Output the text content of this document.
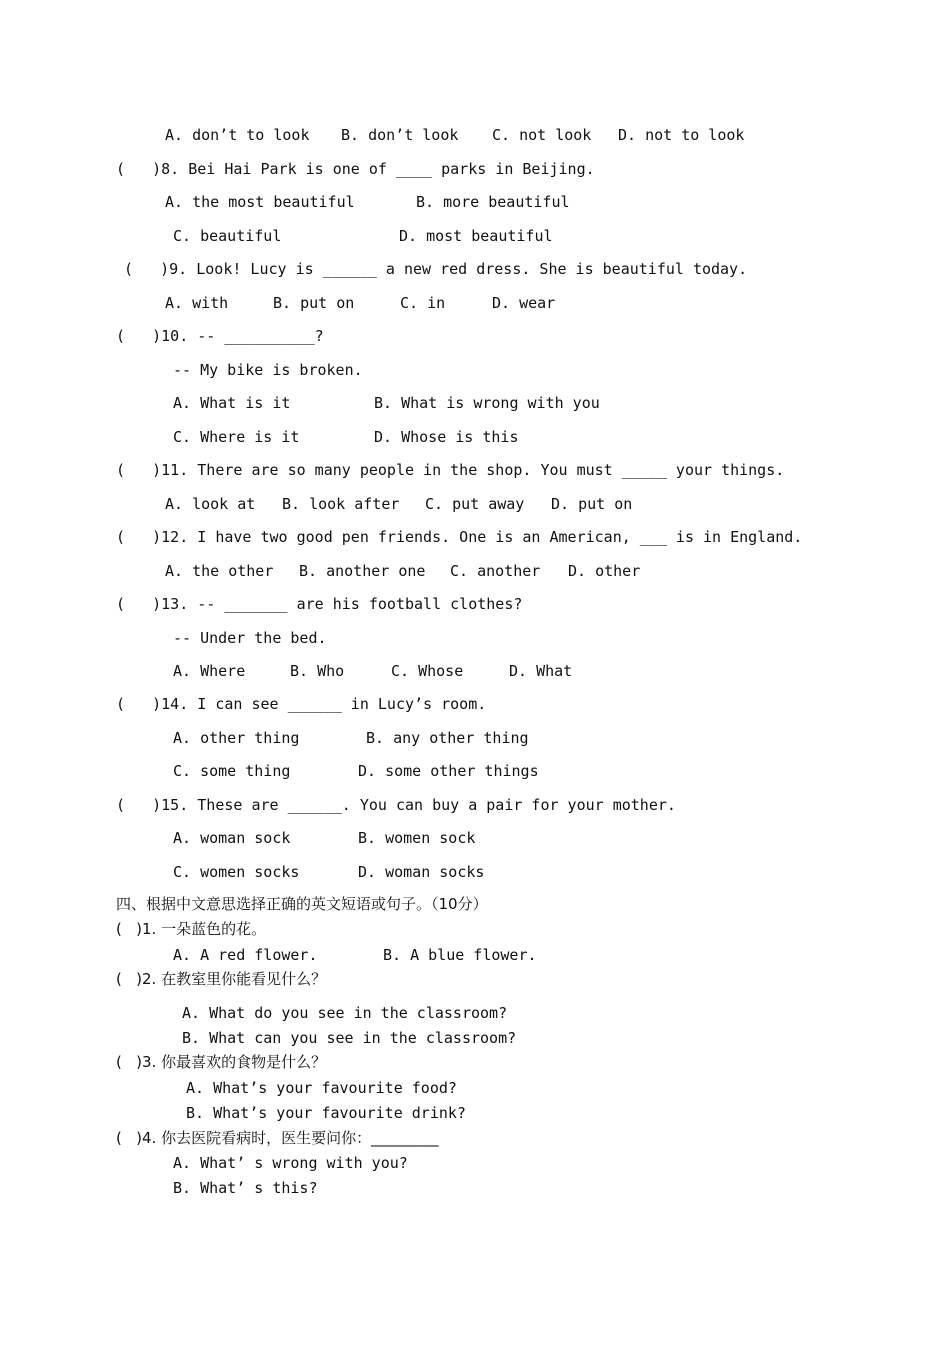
A. don’t to look B. don’t look C. not look D. not to look
(   )8. Bei Hai Park is one of ____ parks in Beijing.
A. the most beautiful	B. more beautiful
C. beautiful	D. most beautiful
(   )9. Look! Lucy is ______ a new red dress. She is beautiful today.
A. with	B. put on	C. in	D. wear
(   )10. -- __________?
-- My bike is broken.
A. What is it	B. What is wrong with you
C. Where is it	D. Whose is this
(   )11. There are so many people in the shop. You must _____ your things.
A. look at B. look after C. put away D. put on
(   )12. I have two good pen friends. One is an American, ___ is in England.
A. the other B. another one C. another D. other
(   )13. -- _______ are his football clothes?
-- Under the bed.
A. Where	B. Who	C. Whose	D. What
(   )14. I can see ______ in Lucy’s room.
A. other thing	B. any other thing
C. some thing	D. some other things
(   )15. These are ______. You can buy a pair for your mother.
A. woman sock	B. women sock
C. women socks	D. woman socks
四、根据中文意思选择正确的英文短语或句子。（10分）
(   )1. 一朵蓝色的花。
A. A red flower.	B. A blue flower.
(   )2. 在教室里你能看见什么？
A. What do you see in the classroom?
B. What can you see in the classroom?
(   )3. 你最喜欢的食物是什么？
A. What’s your favourite food?
B. What’s your favourite drink?
(   )4. 你去医院看病时，医生要问你：_________
A. What’ s wrong with you?
B. What’ s this?
